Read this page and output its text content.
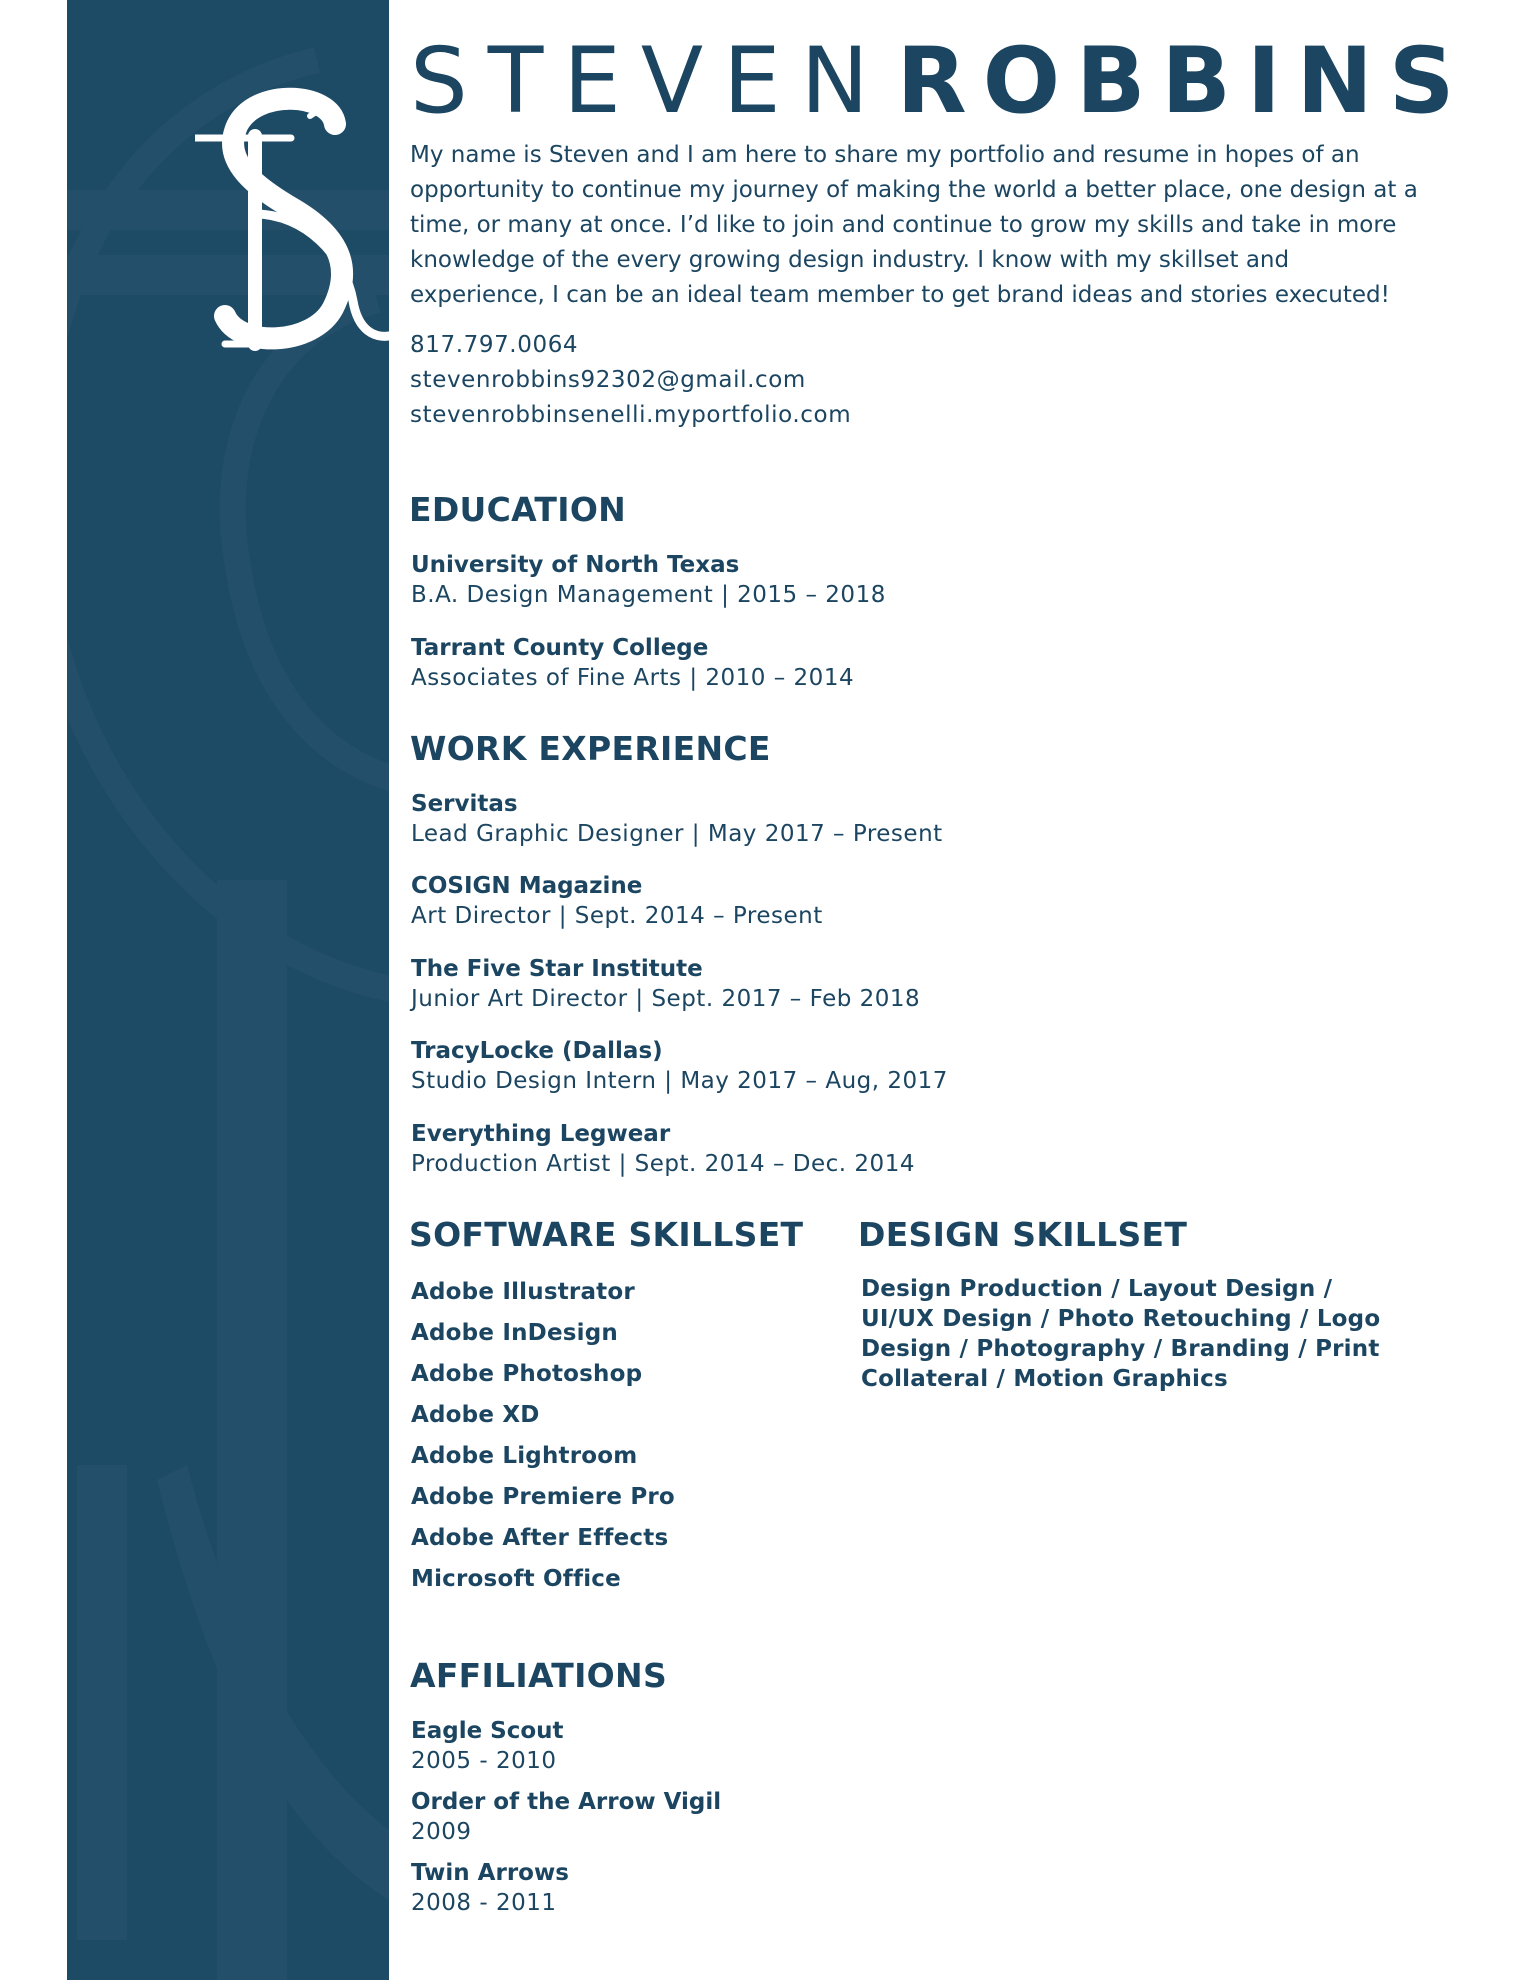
STEVENROBBINS

My name is Steven and I am here to share my portfolio and resume in hopes of an opportunity to continue my journey of making the world a better place, one design at a time, or many at once. I’d like to join and continue to grow my skills and take in more knowledge of the every growing design industry. I know with my skillset and experience, I can be an ideal team member to get brand ideas and stories executed!

817.797.0064
stevenrobbins92302@gmail.com
stevenrobbinsenelli.myportfolio.com
EDUCATION
University of North Texas
B.A. Design Management | 2015 – 2018
Tarrant County College
Associates of Fine Arts | 2010 – 2014
WORK EXPERIENCE
Servitas
Lead Graphic Designer | May 2017 – Present
COSIGN Magazine
Art Director | Sept. 2014 – Present
The Five Star Institute
Junior Art Director | Sept. 2017 – Feb 2018
TracyLocke (Dallas)
Studio Design Intern | May 2017 – Aug, 2017
Everything Legwear
Production Artist | Sept. 2014 – Dec. 2014
SOFTWARE SKILLSET
Adobe Illustrator
Adobe InDesign
Adobe Photoshop
Adobe XD
Adobe Lightroom
Adobe Premiere Pro
Adobe After Effects
Microsoft Office
DESIGN SKILLSET

Design Production / Layout Design / UI/UX Design / Photo Retouching / Logo Design / Photography / Branding / Print Collateral / Motion Graphics

AFFILIATIONS
Eagle Scout
2005 - 2010
Order of the Arrow Vigil
2009
Twin Arrows
2008 - 2011
